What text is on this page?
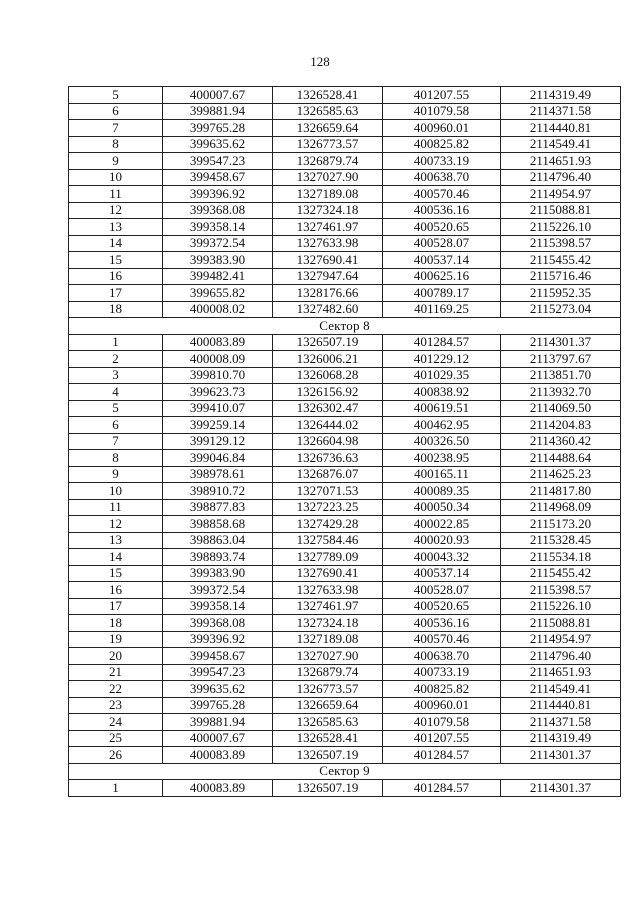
128
5	400007.67	1326528.41	401207.55	2114319.49
6	399881.94	1326585.63	401079.58	2114371.58
7	399765.28	1326659.64	400960.01	2114440.81
8	399635.62	1326773.57	400825.82	2114549.41
9	399547.23	1326879.74	400733.19	2114651.93
10	399458.67	1327027.90	400638.70	2114796.40
11	399396.92	1327189.08	400570.46	2114954.97
12	399368.08	1327324.18	400536.16	2115088.81
13	399358.14	1327461.97	400520.65	2115226.10
14	399372.54	1327633.98	400528.07	2115398.57
15	399383.90	1327690.41	400537.14	2115455.42
16	399482.41	1327947.64	400625.16	2115716.46
17	399655.82	1328176.66	400789.17	2115952.35
18	400008.02	1327482.60	401169.25	2115273.04
Сектор 8				
1	400083.89	1326507.19	401284.57	2114301.37
2	400008.09	1326006.21	401229.12	2113797.67
3	399810.70	1326068.28	401029.35	2113851.70
4	399623.73	1326156.92	400838.92	2113932.70
5	399410.07	1326302.47	400619.51	2114069.50
6	399259.14	1326444.02	400462.95	2114204.83
7	399129.12	1326604.98	400326.50	2114360.42
8	399046.84	1326736.63	400238.95	2114488.64
9	398978.61	1326876.07	400165.11	2114625.23
10	398910.72	1327071.53	400089.35	2114817.80
11	398877.83	1327223.25	400050.34	2114968.09
12	398858.68	1327429.28	400022.85	2115173.20
13	398863.04	1327584.46	400020.93	2115328.45
14	398893.74	1327789.09	400043.32	2115534.18
15	399383.90	1327690.41	400537.14	2115455.42
16	399372.54	1327633.98	400528.07	2115398.57
17	399358.14	1327461.97	400520.65	2115226.10
18	399368.08	1327324.18	400536.16	2115088.81
19	399396.92	1327189.08	400570.46	2114954.97
20	399458.67	1327027.90	400638.70	2114796.40
21	399547.23	1326879.74	400733.19	2114651.93
22	399635.62	1326773.57	400825.82	2114549.41
23	399765.28	1326659.64	400960.01	2114440.81
24	399881.94	1326585.63	401079.58	2114371.58
25	400007.67	1326528.41	401207.55	2114319.49
26	400083.89	1326507.19	401284.57	2114301.37
Сектор 9				
1	400083.89	1326507.19	401284.57	2114301.37
